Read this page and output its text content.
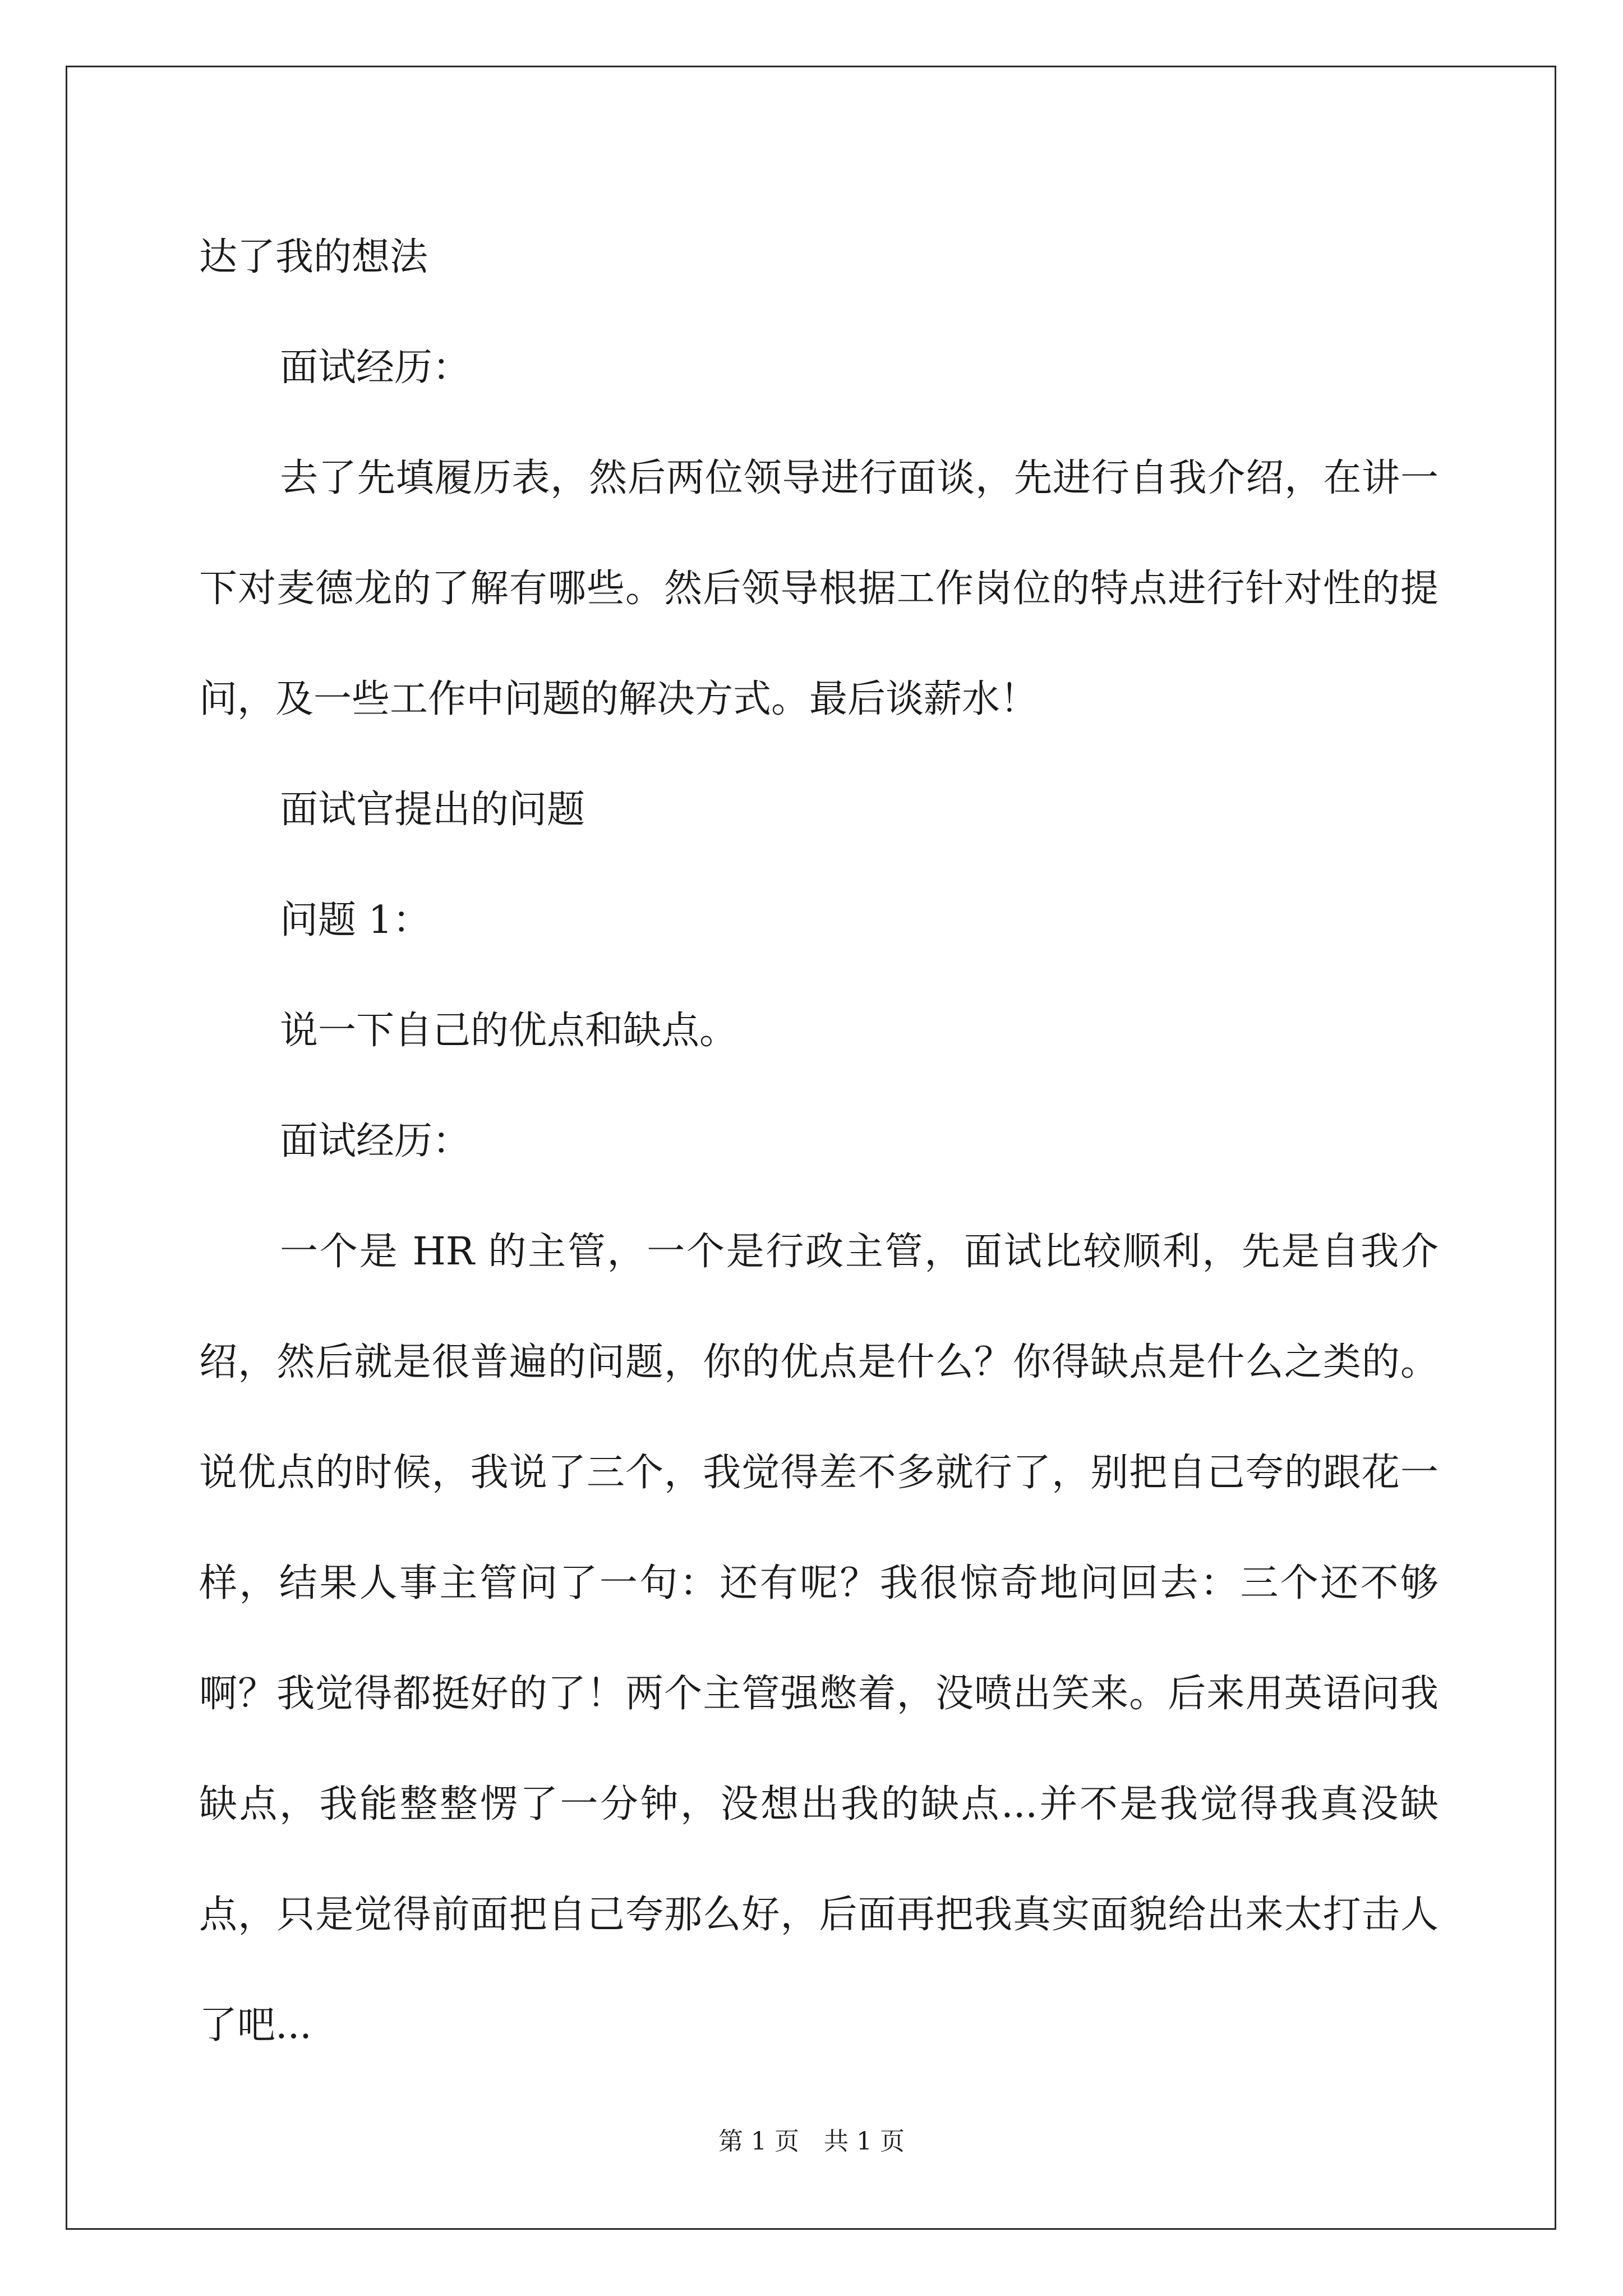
达了我的想法

面试经历：

去了先填履历表，然后两位领导进行面谈，先进行自我介绍，在讲一下对麦德龙的了解有哪些。然后领导根据工作岗位的特点进行针对性的提问，及一些工作中问题的解决方式。最后谈薪水！

面试官提出的问题

问题 1：

说一下自己的优点和缺点。

面试经历：

一个是 HR 的主管，一个是行政主管，面试比较顺利，先是自我介绍，然后就是很普遍的问题，你的优点是什么？你得缺点是什么之类的。说优点的时候，我说了三个，我觉得差不多就行了，别把自己夸的跟花一样，结果人事主管问了一句：还有呢？我很惊奇地问回去：三个还不够啊？我觉得都挺好的了！两个主管强憋着，没喷出笑来。后来用英语问我缺点，我能整整愣了一分钟，没想出我的缺点...并不是我觉得我真没缺点，只是觉得前面把自己夸那么好，后面再把我真实面貌给出来太打击人了吧...

第 1 页　共 1 页
